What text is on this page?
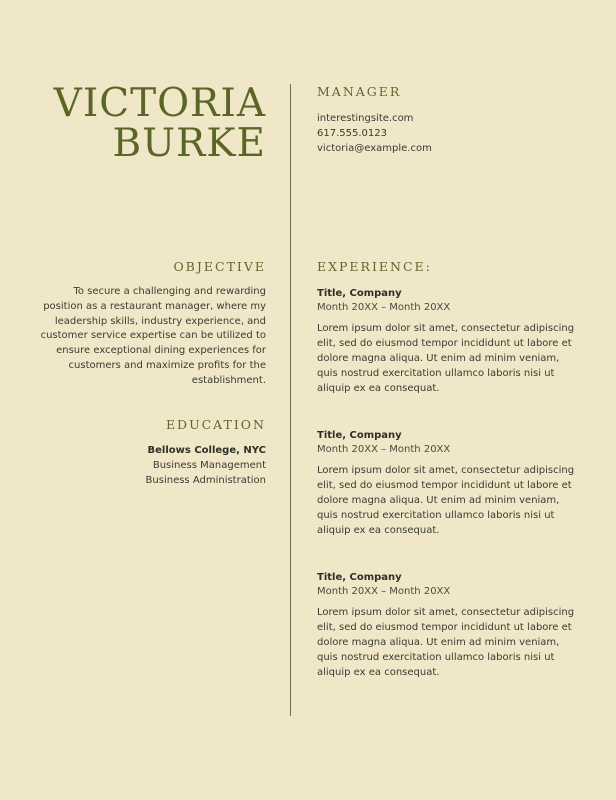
VICTORIA
BURKE
MANAGER
interestingsite.com
617.555.0123
victoria@example.com
OBJECTIVE
To secure a challenging and rewarding position as a restaurant manager, where my leadership skills, industry experience, and customer service expertise can be utilized to ensure exceptional dining experiences for customers and maximize profits for the establishment.
EDUCATION
Bellows College, NYC
Business Management
Business Administration
EXPERIENCE:
Title, Company
Month 20XX – Month 20XX
Lorem ipsum dolor sit amet, consectetur adipiscing elit, sed do eiusmod tempor incididunt ut labore et dolore magna aliqua. Ut enim ad minim veniam, quis nostrud exercitation ullamco laboris nisi ut aliquip ex ea consequat.
Title, Company
Month 20XX – Month 20XX
Lorem ipsum dolor sit amet, consectetur adipiscing elit, sed do eiusmod tempor incididunt ut labore et dolore magna aliqua. Ut enim ad minim veniam, quis nostrud exercitation ullamco laboris nisi ut aliquip ex ea consequat.
Title, Company
Month 20XX – Month 20XX
Lorem ipsum dolor sit amet, consectetur adipiscing elit, sed do eiusmod tempor incididunt ut labore et dolore magna aliqua. Ut enim ad minim veniam, quis nostrud exercitation ullamco laboris nisi ut aliquip ex ea consequat.
